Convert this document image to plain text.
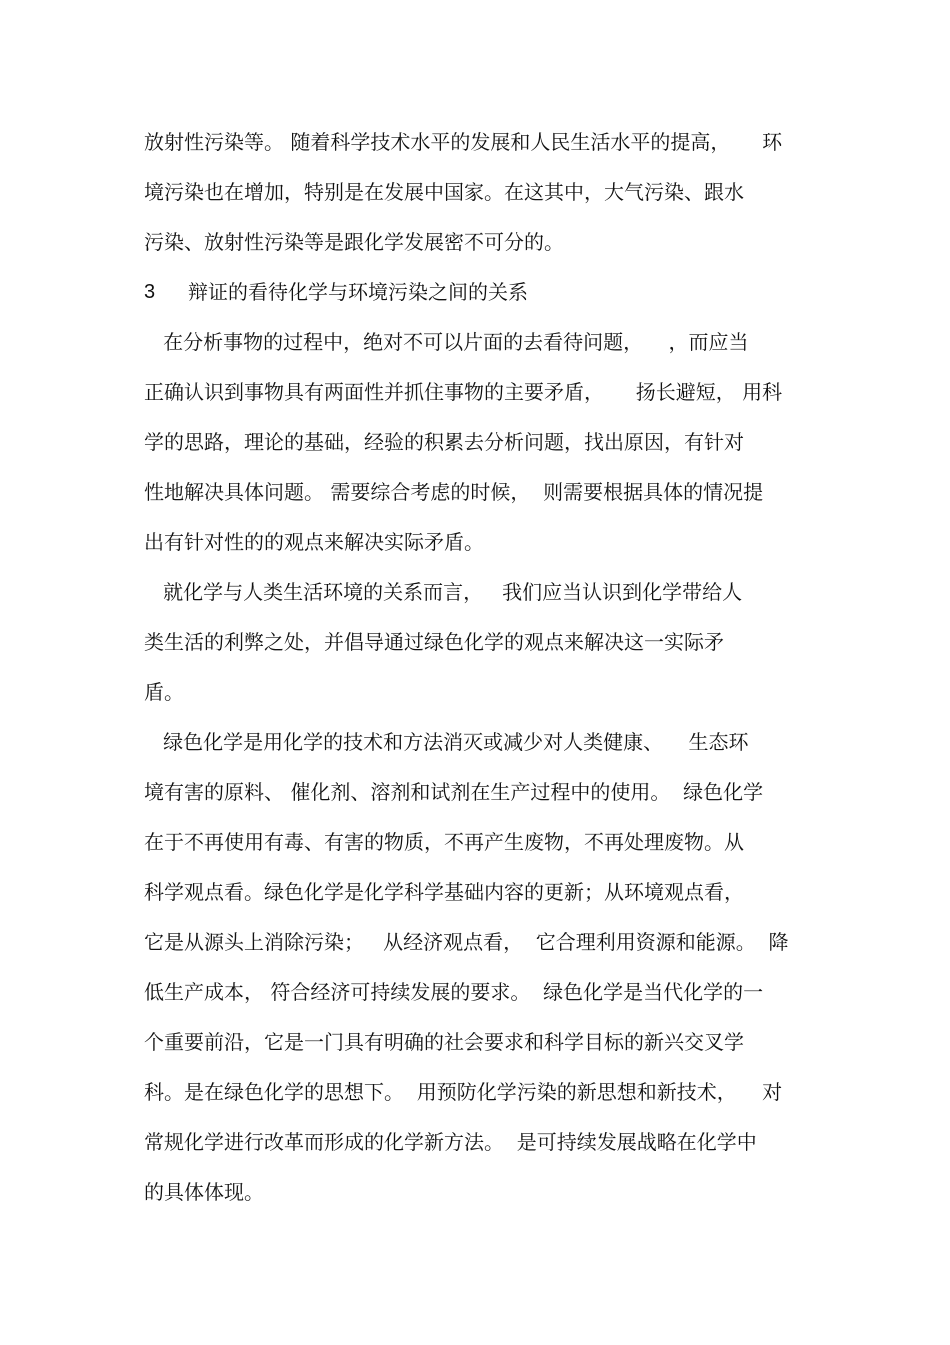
放射性污染等。 随着科学技术水平的发展和人民生活水平的提高，     环
境污染也在增加，特别是在发展中国家。在这其中，大气污染、跟水
污染、放射性污染等是跟化学发展密不可分的。
3 辩证的看待化学与环境污染之间的关系
在分析事物的过程中，绝对不可以片面的去看待问题，    ，而应当
正确认识到事物具有两面性并抓住事物的主要矛盾，     扬长避短， 用科
学的思路，理论的基础，经验的积累去分析问题，找出原因，有针对
性地解决具体问题。 需要综合考虑的时候，  则需要根据具体的情况提
出有针对性的的观点来解决实际矛盾。
就化学与人类生活环境的关系而言，   我们应当认识到化学带给人
类生活的利弊之处，并倡导通过绿色化学的观点来解决这一实际矛
盾。
绿色化学是用化学的技术和方法消灭或减少对人类健康、    生态环
境有害的原料、 催化剂、溶剂和试剂在生产过程中的使用。  绿色化学
在于不再使用有毒、有害的物质，不再产生废物，不再处理废物。从
科学观点看。绿色化学是化学科学基础内容的更新；从环境观点看，
它是从源头上消除污染；   从经济观点看，  它合理利用资源和能源。  降
低生产成本， 符合经济可持续发展的要求。  绿色化学是当代化学的一
个重要前沿，它是一门具有明确的社会要求和科学目标的新兴交叉学
科。是在绿色化学的思想下。  用预防化学污染的新思想和新技术，    对
常规化学进行改革而形成的化学新方法。  是可持续发展战略在化学中
的具体体现。
